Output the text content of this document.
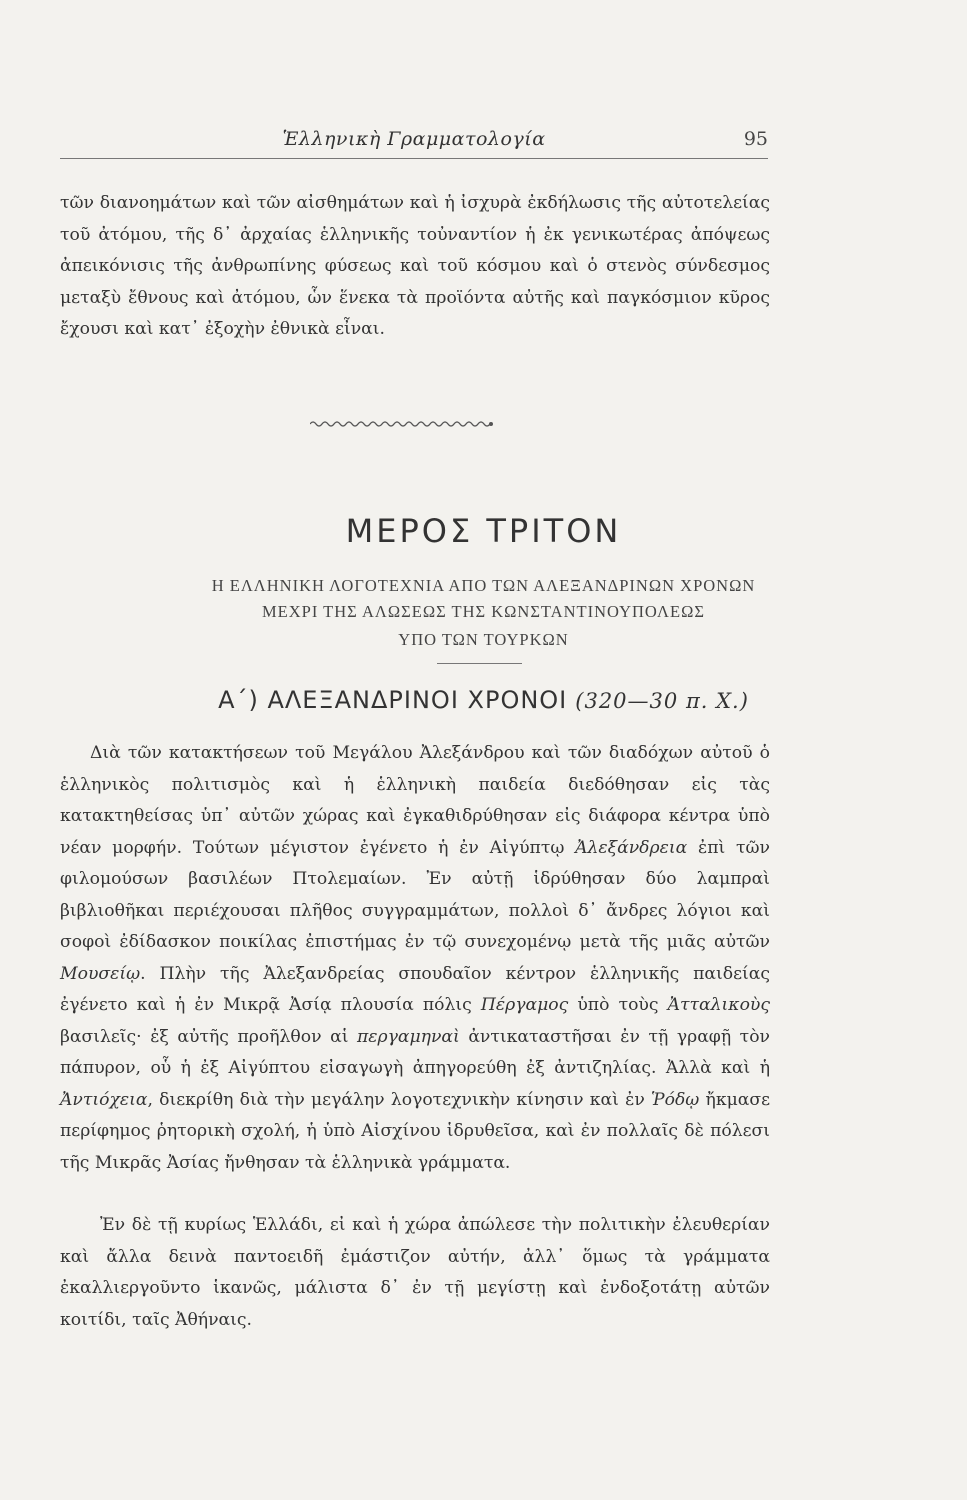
Ἑλληνικὴ Γραμματολογία	95

τῶν διανοημάτων καὶ τῶν αἰσθημάτων καὶ ἡ ἰσχυρὰ ἐκδήλωσις τῆς αὐτοτελείας τοῦ ἀτόμου, τῆς δ᾿ ἀρχαίας ἑλληνικῆς τοὐναντίον ἡ ἐκ γενικωτέρας ἀπόψεως ἀπεικόνισις τῆς ἀνθρωπίνης φύσεως καὶ τοῦ κόσμου καὶ ὁ στενὸς σύνδεσμος μεταξὺ ἔθνους καὶ ἀτόμου, ὧν ἕνεκα τὰ προϊόντα αὐτῆς καὶ παγκόσμιον κῦρος ἔχουσι καὶ κατ᾿ ἐξοχὴν ἐθνικὰ εἶναι.

ΜΕΡΟΣ ΤΡΙΤΟΝ
Η ΕΛΛΗΝΙΚΗ ΛΟΓΟΤΕΧΝΙΑ ΑΠΟ ΤΩΝ ΑΛΕΞΑΝΔΡΙΝΩΝ ΧΡΟΝΩΝ
ΜΕΧΡΙ ΤΗΣ ΑΛΩΣΕΩΣ ΤΗΣ ΚΩΝΣΤΑΝΤΙΝΟΥΠΟΛΕΩΣ
ΥΠΟ ΤΩΝ ΤΟΥΡΚΩΝ
Α΄) ΑΛΕΞΑΝΔΡΙΝΟΙ ΧΡΟΝΟΙ (320—30 π. Χ.)

Διὰ τῶν κατακτήσεων τοῦ Μεγάλου Ἀλεξάνδρου καὶ τῶν διαδόχων αὐτοῦ ὁ ἑλληνικὸς πολιτισμὸς καὶ ἡ ἑλληνικὴ παιδεία διεδόθησαν εἰς τὰς κατακτηθείσας ὑπ᾿ αὐτῶν χώρας καὶ ἐγκαθιδρύθησαν εἰς διάφορα κέντρα ὑπὸ νέαν μορφήν. Τούτων μέγιστον ἐγένετο ἡ ἐν Αἰγύπτῳ Ἀλεξάνδρεια ἐπὶ τῶν φιλομούσων βασιλέων Πτολεμαίων. Ἐν αὐτῇ ἱδρύθησαν δύο λαμπραὶ βιβλιοθῆκαι περιέχουσαι πλῆθος συγγραμμάτων, πολλοὶ δ᾿ ἄνδρες λόγιοι καὶ σοφοὶ ἐδίδασκον ποικίλας ἐπιστήμας ἐν τῷ συνεχομένῳ μετὰ τῆς μιᾶς αὐτῶν Μουσείῳ. Πλὴν τῆς Ἀλεξανδρείας σπουδαῖον κέντρον ἑλληνικῆς παιδείας ἐγένετο καὶ ἡ ἐν Μικρᾷ Ἀσίᾳ πλουσία πόλις Πέργαμος ὑπὸ τοὺς Ἀτταλικοὺς βασιλεῖς· ἐξ αὐτῆς προῆλθον αἱ περγαμηναὶ ἀντικαταστῆσαι ἐν τῇ γραφῇ τὸν πάπυρον, οὗ ἡ ἐξ Αἰγύπτου εἰσαγωγὴ ἀπηγορεύθη ἐξ ἀντιζηλίας. Ἀλλὰ καὶ ἡ Ἀντιόχεια, διεκρίθη διὰ τὴν μεγάλην λογοτεχνικὴν κίνησιν καὶ ἐν Ῥόδῳ ἤκμασε περίφημος ῥητορικὴ σχολή, ἡ ὑπὸ Αἰσχίνου ἱδρυθεῖσα, καὶ ἐν πολλαῖς δὲ πόλεσι τῆς Μικρᾶς Ἀσίας ἤνθησαν τὰ ἑλληνικὰ γράμματα.

Ἐν δὲ τῇ κυρίως Ἑλλάδι, εἰ καὶ ἡ χώρα ἀπώλεσε τὴν πολιτικὴν ἐλευθερίαν καὶ ἄλλα δεινὰ παντοειδῆ ἐμάστιζον αὐτήν, ἀλλ᾿ ὅμως τὰ γράμματα ἐκαλλιεργοῦντο ἱκανῶς, μάλιστα δ᾿ ἐν τῇ μεγίστῃ καὶ ἐνδοξοτάτῃ αὐτῶν κοιτίδι, ταῖς Ἀθήναις.
